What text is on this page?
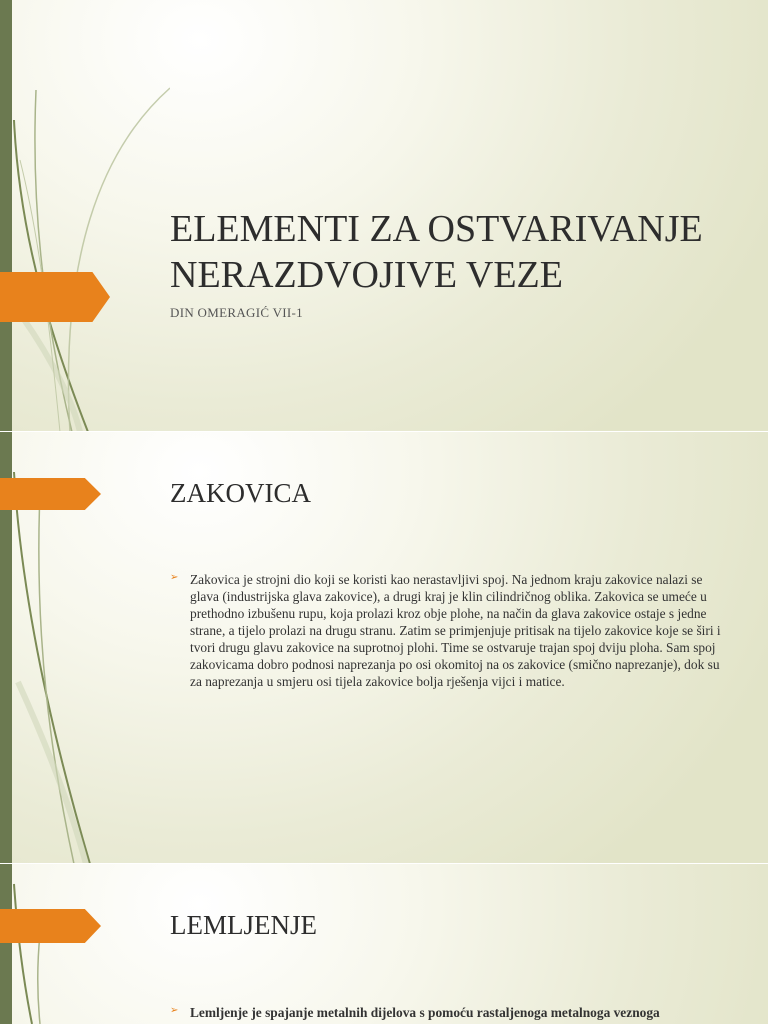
ELEMENTI ZA OSTVARIVANJE NERAZDVOJIVE VEZE
DIN OMERAGIĆ VII-1
ZAKOVICA
➢ Zakovica je strojni dio koji se koristi kao nerastavljivi spoj. Na jednom kraju zakovice nalazi se glava (industrijska glava zakovice), a drugi kraj je klin cilindričnog oblika. Zakovica se umeće u prethodno izbušenu rupu, koja prolazi kroz obje plohe, na način da glava zakovice ostaje s jedne strane, a tijelo prolazi na drugu stranu. Zatim se primjenjuje pritisak na tijelo zakovice koje se širi i tvori drugu glavu zakovice na suprotnoj plohi. Time se ostvaruje trajan spoj dviju ploha. Sam spoj zakovicama dobro podnosi naprezanja po osi okomitoj na os zakovice (smično naprezanje), dok su za naprezanja u smjeru osi tijela zakovice bolja rješenja vijci i matice.

LEMLJENJE
➢ Lemljenje je spajanje metalnih dijelova s pomoću rastaljenoga metalnoga veznoga
